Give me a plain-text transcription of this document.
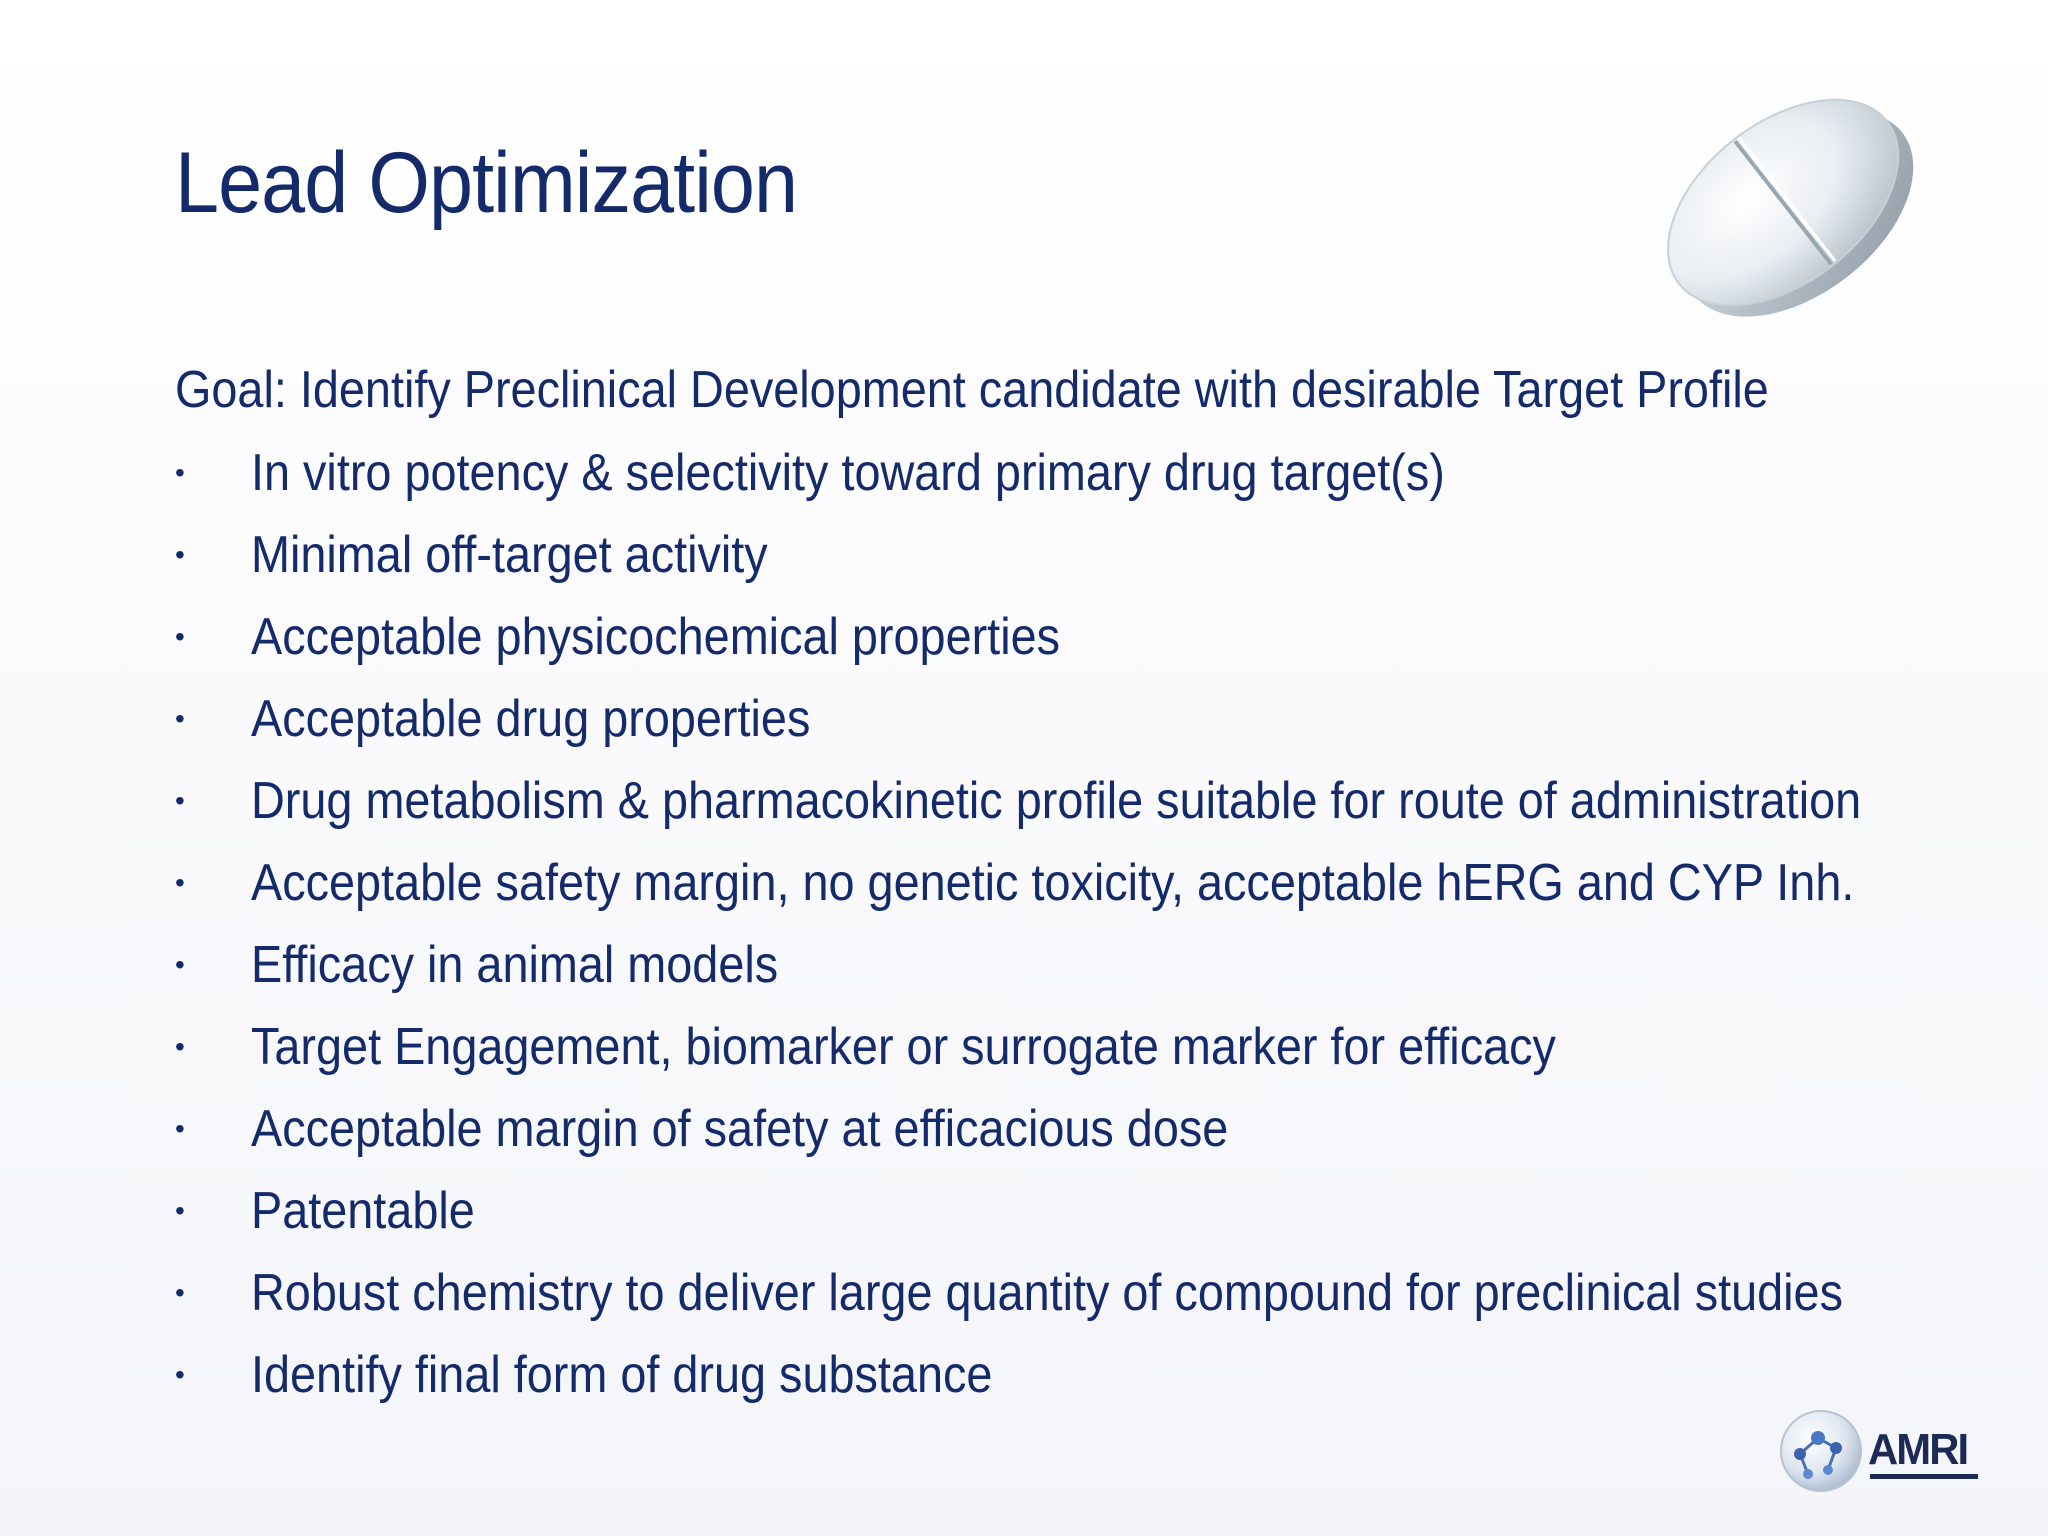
Lead Optimization
Goal: Identify Preclinical Development candidate with desirable Target Profile
• In vitro potency & selectivity toward primary drug target(s)
• Minimal off-target activity
• Acceptable physicochemical properties
• Acceptable drug properties
• Drug metabolism & pharmacokinetic profile suitable for route of administration
• Acceptable safety margin, no genetic toxicity, acceptable hERG and CYP Inh.
• Efficacy in animal models
• Target Engagement, biomarker or surrogate marker for efficacy
• Acceptable margin of safety at efficacious dose
• Patentable
• Robust chemistry to deliver large quantity of compound for preclinical studies
• Identify final form of drug substance
AMRI
